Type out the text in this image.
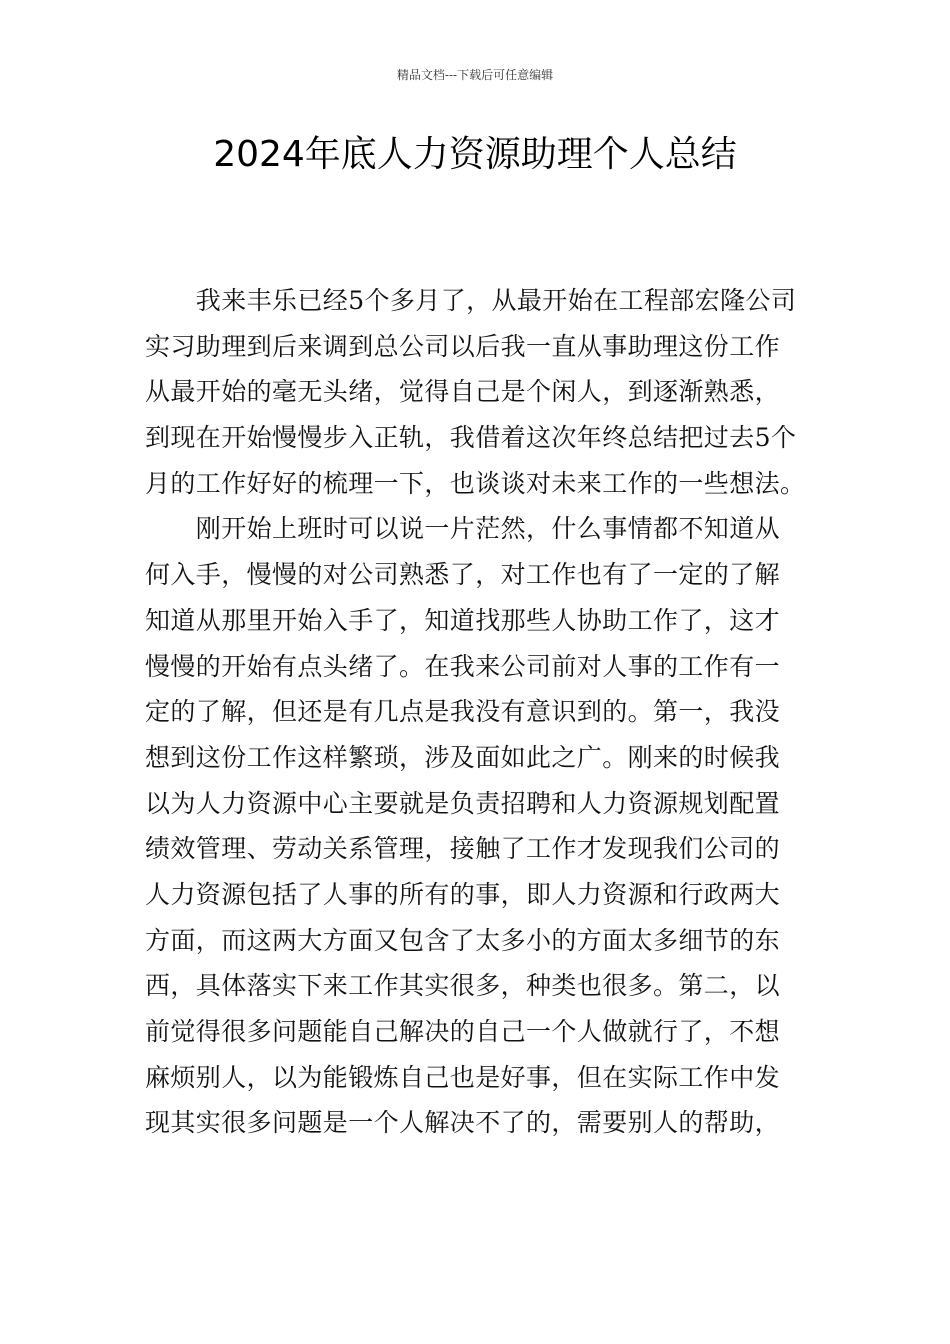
精品文档---下载后可任意编辑
2024年底人力资源助理个人总结
　　我来丰乐已经5个多月了，从最开始在工程部宏隆公司
实习助理到后来调到总公司以后我一直从事助理这份工作
从最开始的毫无头绪，觉得自己是个闲人，到逐渐熟悉，
到现在开始慢慢步入正轨，我借着这次年终总结把过去5个
月的工作好好的梳理一下，也谈谈对未来工作的一些想法。
　　刚开始上班时可以说一片茫然，什么事情都不知道从
何入手，慢慢的对公司熟悉了，对工作也有了一定的了解
知道从那里开始入手了，知道找那些人协助工作了，这才
慢慢的开始有点头绪了。在我来公司前对人事的工作有一
定的了解，但还是有几点是我没有意识到的。第一，我没
想到这份工作这样繁琐，涉及面如此之广。刚来的时候我
以为人力资源中心主要就是负责招聘和人力资源规划配置
绩效管理、劳动关系管理，接触了工作才发现我们公司的
人力资源包括了人事的所有的事，即人力资源和行政两大
方面，而这两大方面又包含了太多小的方面太多细节的东
西，具体落实下来工作其实很多，种类也很多。第二，以
前觉得很多问题能自己解决的自己一个人做就行了，不想
麻烦别人，以为能锻炼自己也是好事，但在实际工作中发
现其实很多问题是一个人解决不了的，需要别人的帮助，
